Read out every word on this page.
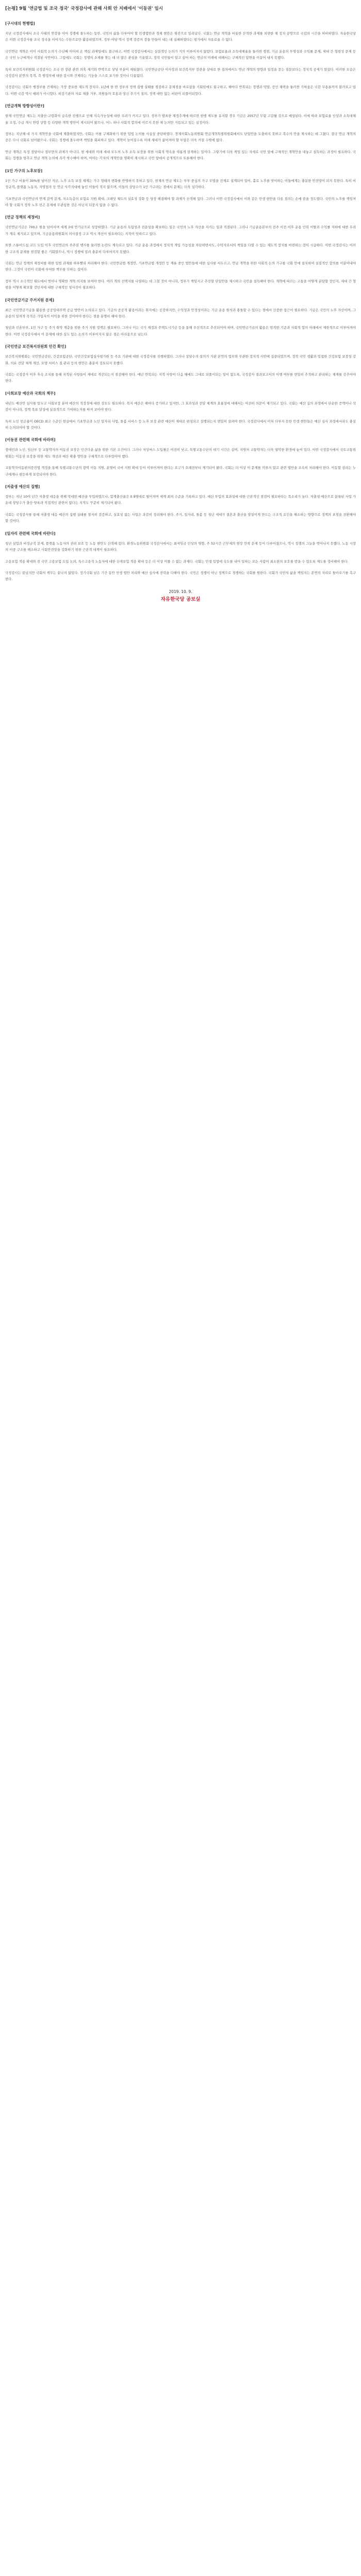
[논평] 9월 '연금법 및 조국 정국' 국정감사에 관해 사회 안 지배에서 '이동권' 임시
[구시대의 현행법]

지난 국정감사에서 조국 사태의 연장을 이어 정쟁에 몰두하는 동안, 국민의 삶을 다루어야 할 민생법안과 경제 현안은 뒷전으로 밀려났다. 국회는 연금 개혁을 비롯한 산적한 과제를 외면한 채 정치 공방으로 국감의 시간을 허비하였다. 자유한국당은 이번 국정감사를 조국 정국을 이어가는 수단으로만 활용하였으며, 정부·여당 역시 정책 검증의 장을 만들어 내는 데 실패하였다는 평가에서 자유로울 수 없다.

국민연금 개혁은 이미 사회적 논의가 수년째 이어져 온 핵심 과제임에도 불구하고, 이번 국정감사에서는 실질적인 논의가 거의 이루어지지 않았다. 보험료율과 소득대체율을 둘러싼 쟁점, 기금 운용의 투명성과 수익률 문제, 세대 간 형평성 문제 등은 국민 누구에게나 직결된 사안이다. 그럼에도 국회는 정쟁의 소재를 찾는 데 더 많은 관심을 기울였고, 정작 국민들이 알고 싶어 하는 연금의 미래에 대해서는 구체적인 답변을 이끌어 내지 못했다.

특히 보건복지위원회 국정감사는 조국 전 장관 관련 의혹 제기와 반박으로 상당 부분이 채워졌다. 국민연금공단 이사장과 보건복지부 장관을 상대로 한 질의에서도 연금 개혁의 방향과 일정을 묻는 질문보다는 정치적 공세가 앞섰다. 이러한 모습은 국정감사 본연의 목적, 즉 행정부에 대한 감시와 견제라는 기능을 스스로 포기한 것이나 다름없다.

국정감사는 국회가 행정부를 견제하는 가장 중요한 제도적 장치다. 1년에 한 번 정부의 정책 집행 실태를 점검하고 문제점을 바로잡을 기회임에도 불구하고, 해마다 반복되는 정쟁과 막말, 증인 채택을 둘러싼 기싸움은 국감 무용론까지 불러오고 있다. 이번 국감 역시 예외가 아니었다. 피감기관의 자료 제출 거부, 의원들의 호통과 망신 주기식 질의, 정책 대안 없는 비판이 되풀이되었다.

[연금개혁 방향성이란?]

현재 국민연금 제도는 저출산·고령화의 급속한 진행으로 인해 지속가능성에 대한 우려가 커지고 있다. 정부가 발표한 재정추계에 따르면 현행 제도를 유지할 경우 기금은 2057년 무렵 고갈될 것으로 예상된다. 이에 따라 보험료율 인상과 소득대체율 조정, 수급 개시 연령 상향 등 다양한 개혁 방안이 제시되어 왔으나, 어느 하나 사회적 합의에 이르지 못한 채 논의만 거듭되고 있는 실정이다.

정부는 지난해 네 가지 개혁안을 국회에 제출하였지만, 국회는 이를 구체화하기 위한 입법 논의를 사실상 중단하였다. 경제사회노동위원회 연금개혁특별위원회에서도 단일안을 도출하지 못하고 복수의 안을 제시하는 데 그쳤다. 결국 연금 개혁의 공은 다시 국회로 넘어왔으나, 국회는 정쟁에 몰두하며 책임을 회피하고 있다. 개혁이 늦어질수록 미래 세대가 짊어져야 할 부담은 더욱 커질 수밖에 없다.

연금 개혁은 특정 정당이나 정부만의 과제가 아니다. 현 세대와 미래 세대 모두의 노후 소득 보장을 위한 사회적 약속을 새롭게 설계하는 일이다. 그렇기에 더욱 책임 있는 자세로 국민 앞에 구체적인 개혁안을 내놓고 설득하는 과정이 필요하다. 국회는 정쟁을 멈추고 연금 개혁 논의에 즉각 착수해야 하며, 여야는 각자의 개혁안을 명확히 제시하고 국민 앞에서 공개적으로 토론해야 한다.

[1인 가구의 노후보장]

1인 가구 비율이 30%를 넘어선 지금, 노후 소득 보장 체계는 가구 형태의 변화를 반영하지 못하고 있다. 현재의 연금 제도는 부부 중심의 가구 모델을 전제로 설계되어 있어, 홀로 노후를 맞이하는 이들에게는 충분한 안전망이 되지 못한다. 특히 비정규직, 플랫폼 노동자, 자영업자 등 연금 사각지대에 놓인 이들이 적지 않으며, 이들의 상당수가 1인 가구라는 점에서 문제는 더욱 심각하다.

기초연금과 국민연금의 연계 감액 문제, 저소득층의 보험료 지원 확대, 크레딧 제도의 실효성 강화 등 당장 해결해야 할 과제가 산적해 있다. 그러나 이번 국정감사에서 이와 같은 민생 현안을 다룬 질의는 손에 꼽을 정도였다. 국민의 노후를 책임져야 할 국회가 정작 노후 빈곤 문제에 무관심한 것은 아닌지 되묻지 않을 수 없다.

[연금 정책의 재정비]

국민연금기금은 700조 원을 넘어서며 세계 3대 연기금으로 성장하였다. 기금 운용의 독립성과 전문성을 확보하는 일은 국민의 노후 자산을 지키는 일과 직결된다. 그러나 기금운용본부의 전주 이전 이후 운용 인력 이탈과 수익률 저하에 대한 우려가 계속 제기되고 있으며, 기금운용위원회의 의사결정 구조 역시 개선이 필요하다는 지적이 잇따르고 있다.

또한 스튜어드십 코드 도입 이후 국민연금의 주주권 행사를 둘러싼 논란도 계속되고 있다. 기금 운용 과정에서 정치적 개입 가능성을 차단하면서도, 수탁자로서의 책임을 다할 수 있는 제도적 장치를 마련하는 것이 시급하다. 이번 국정감사는 이러한 구조적 문제를 점검할 좋은 기회였으나, 역시 정쟁에 밀려 충분히 다루어지지 못했다.

국회는 연금 정책의 재정비를 위한 입법 과제를 하루빨리 처리해야 한다. 국민연금법 개정안, 기초연금법 개정안 등 계류 중인 법안들에 대한 심사를 서두르고, 연금 개혁을 위한 사회적 논의 기구를 국회 안에 설치하여 실질적인 합의를 이끌어내야 한다. 그것이 국민이 국회에 부여한 책무를 다하는 길이다.

정부 역시 소극적인 태도에서 벗어나 명확한 개혁 의지를 보여야 한다. 여러 개의 선택지를 나열하는 데 그칠 것이 아니라, 정부가 책임지고 추진할 단일안을 제시하고 국민을 설득해야 한다. 개혁에 따르는 고통을 어떻게 분담할 것인지, 세대 간 형평을 어떻게 확보할 것인지에 대한 구체적인 청사진이 필요하다.

[국민연금기금 주거지원 문제]

최근 국민연금기금을 활용한 공공임대주택 공급 방안이 논의되고 있다. 기금의 공공적 활용이라는 취지에는 공감하지만, 수익성과 안정성이라는 기금 운용 원칙과 충돌할 수 있다는 점에서 신중한 접근이 필요하다. 기금은 국민의 노후 자산이며, 그 운용의 일차적 목적은 가입자의 이익을 위한 것이어야 한다는 점을 분명히 해야 한다.

청년과 신혼부부, 1인 가구 등 주거 취약 계층을 위한 주거 지원 정책은 필요하다. 그러나 이는 국가 재정과 주택도시기금 등을 통해 우선적으로 추진되어야 하며, 국민연금기금의 활용은 엄격한 기준과 사회적 합의 아래에서 제한적으로 이루어져야 한다. 이번 국정감사에서 이 문제에 대한 심도 있는 논의가 이루어지지 않은 점은 아쉬움으로 남는다.

[국민연금 보건복지위원회 안건 확인]

보건복지위원회는 국민연금공단, 건강보험공단, 국민건강보험심사평가원 등 주요 기관에 대한 국정감사를 진행하였다. 그러나 상당수의 질의가 기관 본연의 업무와 무관한 정치적 사안에 집중되었으며, 정작 국민 생활과 밀접한 건강보험 보장성 강화, 의료 전달 체계 개선, 요양 서비스 질 관리 등의 현안은 충분히 검토되지 못했다.

국회는 국정감사 이후 후속 조치를 통해 지적된 사항들이 제대로 개선되는지 점검해야 한다. 매년 반복되는 지적 사항이 다음 해에도 그대로 되풀이되는 일이 없도록, 국정감사 결과보고서의 이행 여부를 면밀히 추적하고 관리하는 체계를 갖추어야 한다.

[사회보장 예산과 국회의 책무]

내년도 예산안 심사를 앞두고 사회보장 분야 예산의 적정성에 대한 검토도 필요하다. 복지 예산은 해마다 증가하고 있지만, 그 효과성과 전달 체계의 효율성에 대해서는 여전히 의문이 제기되고 있다. 국회는 예산 심의 과정에서 단순한 증액이나 삭감이 아니라, 정책 목표 달성에 실질적으로 기여하는지를 따져 보아야 한다.

특히 노인 빈곤율이 OECD 최고 수준인 현실에서 기초연금과 노인 일자리 사업, 돌봄 서비스 등 노후 보장 관련 예산이 제대로 편성되고 집행되는지 면밀히 살펴야 한다. 국정감사에서 미처 다루지 못한 민생 현안들은 예산 심사 과정에서라도 충실히 논의되어야 할 것이다.

[이동권 관련해 국회에 바라며]

장애인과 노인, 임산부 등 교통약자의 이동권 보장은 인간다운 삶을 위한 기본 조건이다. 그러나 저상버스 도입률은 여전히 낮고, 특별교통수단의 대기 시간은 길며, 지방의 교통약자는 더욱 열악한 환경에 놓여 있다. 이번 국정감사에서 국토교통위원회는 이동권 보장을 위한 제도 개선과 예산 확충 방안을 구체적으로 다루었어야 했다.

교통약자이동편의증진법 개정을 통해 특별교통수단의 광역 이동 지원, 운영비 국비 지원 확대 등이 이루어져야 한다는 요구가 오래전부터 제기되어 왔다. 국회는 더 이상 이 문제를 미루지 말고 관련 법안을 조속히 처리해야 한다. 이동할 권리는 누구에게나 평등하게 보장되어야 한다.

[저출생 예산의 집행]

정부는 지난 10여 년간 저출생 대응을 위해 막대한 예산을 투입하였으나, 합계출산율은 0.9명대로 떨어지며 세계 최저 수준을 기록하고 있다. 예산 투입의 효과성에 대한 근본적인 점검이 필요하다는 목소리가 높다. 저출생 예산으로 분류된 사업 가운데 상당수가 출산·양육과 직접적인 관련이 없다는 지적도 꾸준히 제기되어 왔다.

국회는 국정감사를 통해 저출생 대응 예산의 집행 실태를 철저히 검증하고, 실효성 없는 사업은 과감히 정리해야 한다. 주거, 일자리, 돌봄 등 청년 세대가 결혼과 출산을 망설이게 만드는 구조적 요인을 해소하는 방향으로 정책의 초점을 전환해야 할 것이다.

[일자리 관련해 국회에 바란다]

청년 실업과 비정규직 문제, 플랫폼 노동자의 권리 보호 등 노동 현안도 산적해 있다. 환경노동위원회 국정감사에서는 최저임금 인상의 영향, 주 52시간 근무제의 현장 안착 문제 등이 다루어졌으나, 역시 정쟁의 그늘을 벗어나지 못했다. 노동 시장의 이중 구조를 해소하고 사회안전망을 강화하기 위한 근본적 대책이 필요하다.

고용보험 적용 확대와 전 국민 고용보험 도입 논의, 특수고용직 노동자에 대한 산재보험 적용 확대 등은 더 이상 미룰 수 없는 과제다. 국회는 민생 입법에 속도를 내어 일하는 모든 사람이 최소한의 보호를 받을 수 있도록 제도를 정비해야 한다.

국정감사는 끝났지만 국회의 책무는 끝나지 않았다. 정기국회 남은 기간 동안 민생 법안 처리와 예산 심사에 전력을 다해야 한다. 국민은 정쟁이 아닌 정책으로 경쟁하는 국회를 원한다. 국회가 국민의 삶을 책임지는 본연의 자리로 돌아오기를 촉구한다.

2019. 10. 9.
자유한국당 공보실
